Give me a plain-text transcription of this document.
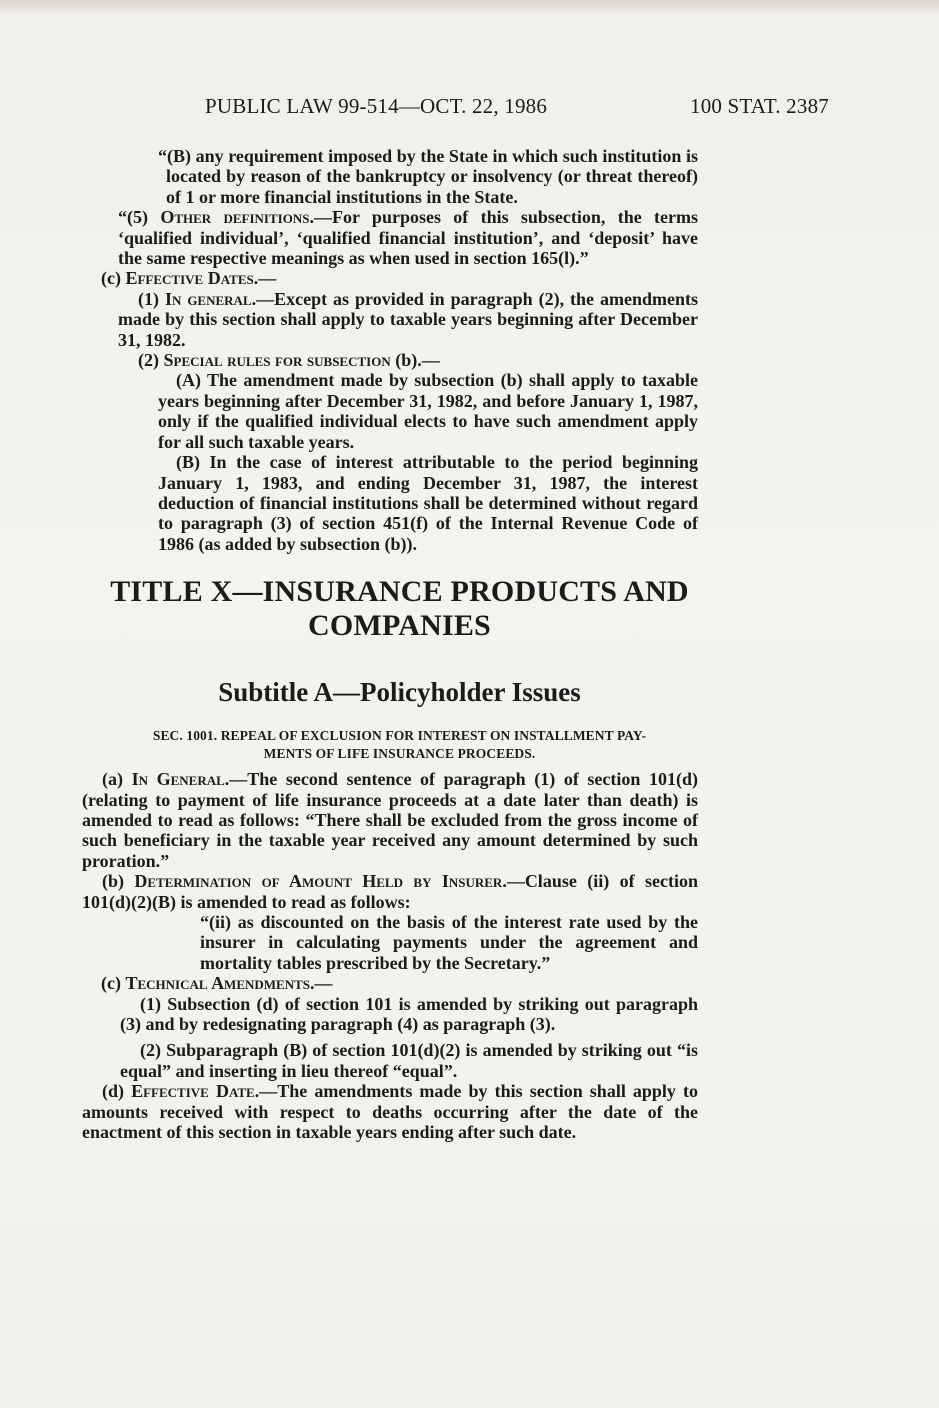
PUBLIC LAW 99-514—OCT. 22, 1986	100 STAT. 2387

“(B) any requirement imposed by the State in which such institution is located by reason of the bankruptcy or insolvency (or threat thereof) of 1 or more financial institutions in the State.

“(5) Other definitions.—For purposes of this subsection, the terms ‘qualified individual’, ‘qualified financial institution’, and ‘deposit’ have the same respective meanings as when used in section 165(l).”

(c) Effective Dates.—

(1) In general.—Except as provided in paragraph (2), the amendments made by this section shall apply to taxable years beginning after December 31, 1982.

(2) Special rules for subsection (b).—

(A) The amendment made by subsection (b) shall apply to taxable years beginning after December 31, 1982, and before January 1, 1987, only if the qualified individual elects to have such amendment apply for all such taxable years.

(B) In the case of interest attributable to the period beginning January 1, 1983, and ending December 31, 1987, the interest deduction of financial institutions shall be determined without regard to paragraph (3) of section 451(f) of the Internal Revenue Code of 1986 (as added by subsection (b)).

TITLE X—INSURANCE PRODUCTS AND
COMPANIES
Subtitle A—Policyholder Issues
SEC. 1001. REPEAL OF EXCLUSION FOR INTEREST ON INSTALLMENT PAY-
MENTS OF LIFE INSURANCE PROCEEDS.

(a) In General.—The second sentence of paragraph (1) of section 101(d) (relating to payment of life insurance proceeds at a date later than death) is amended to read as follows: “There shall be excluded from the gross income of such beneficiary in the taxable year received any amount determined by such proration.”

(b) Determination of Amount Held by Insurer.—Clause (ii) of section 101(d)(2)(B) is amended to read as follows:

“(ii) as discounted on the basis of the interest rate used by the insurer in calculating payments under the agreement and mortality tables prescribed by the Secretary.”

(c) Technical Amendments.—

(1) Subsection (d) of section 101 is amended by striking out paragraph (3) and by redesignating paragraph (4) as paragraph (3).

(2) Subparagraph (B) of section 101(d)(2) is amended by striking out “is equal” and inserting in lieu thereof “equal”.

(d) Effective Date.—The amendments made by this section shall apply to amounts received with respect to deaths occurring after the date of the enactment of this section in taxable years ending after such date.
